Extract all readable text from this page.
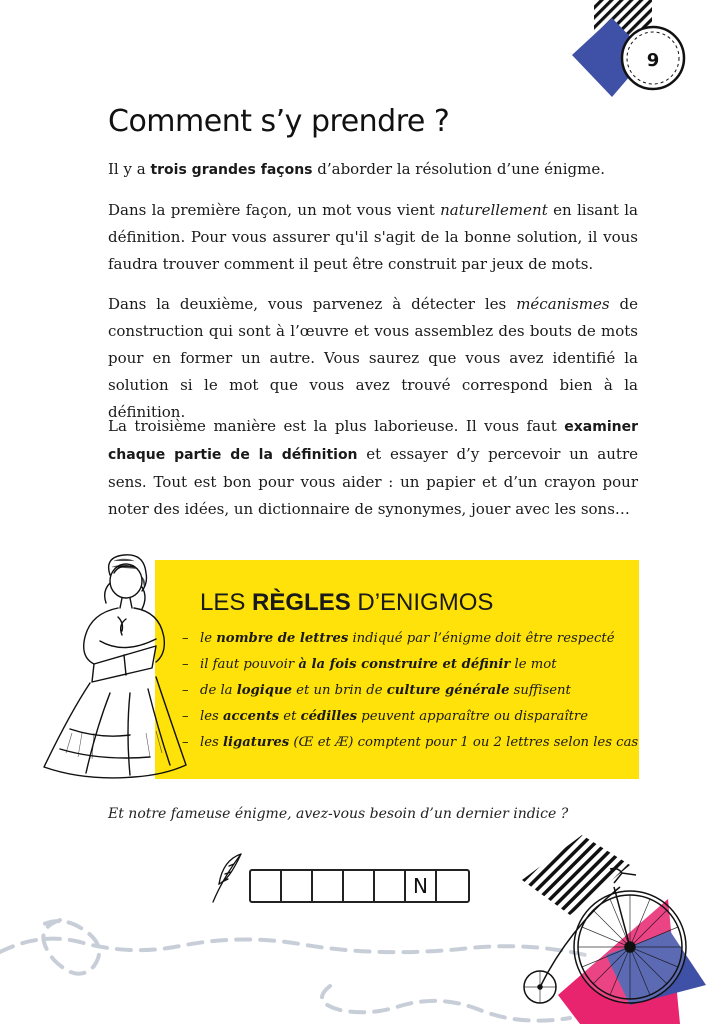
9
Comment s’y prendre ?

Il y a trois grandes façons d’aborder la résolution d’une énigme.

Dans la première façon, un mot vous vient naturellement en lisant la définition. Pour vous assurer qu'il s'agit de la bonne solution, il vous faudra trouver comment il peut être construit par jeux de mots.

Dans la deuxième, vous parvenez à détecter les mécanismes de construction qui sont à l’œuvre et vous assemblez des bouts de mots pour en former un autre. Vous saurez que vous avez identifié la solution si le mot que vous avez trouvé correspond bien à la définition.

La troisième manière est la plus laborieuse. Il vous faut examiner chaque partie de la définition et essayer d’y percevoir un autre sens. Tout est bon pour vous aider : un papier et d’un crayon pour noter des idées, un dictionnaire de synonymes, jouer avec les sons…

LES RÈGLES D’ENIGMOS
– le nombre de lettres indiqué par l’énigme doit être respecté
– il faut pouvoir à la fois construire et définir le mot
– de la logique et un brin de culture générale suffisent
– les accents et cédilles peuvent apparaître ou disparaître
– les ligatures (Œ et Æ) comptent pour 1 ou 2 lettres selon les cas

Et notre fameuse énigme, avez-vous besoin d’un dernier indice ?

N
